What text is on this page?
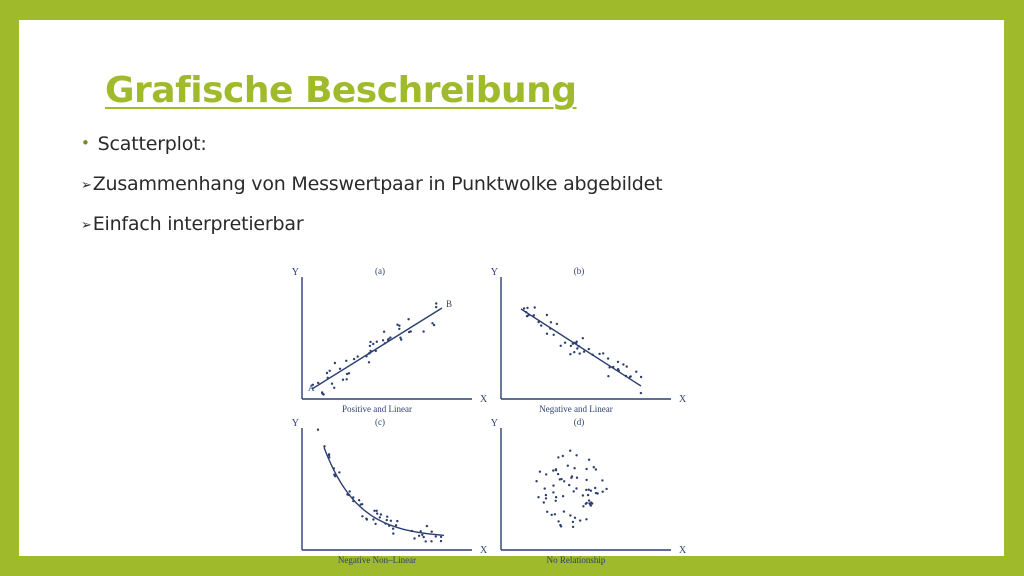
Grafische Beschreibung
• Scatterplot:
➢Zusammenhang von Messwertpaar in Punktwolke abgebildet
➢Einfach interpretierbar
Y
X
(a)
Positive and Linear
A
B
Y
X
(b)
Negative and Linear
Y
X
(c)
Negative Non–Linear
Y
X
(d)
No Relationship
